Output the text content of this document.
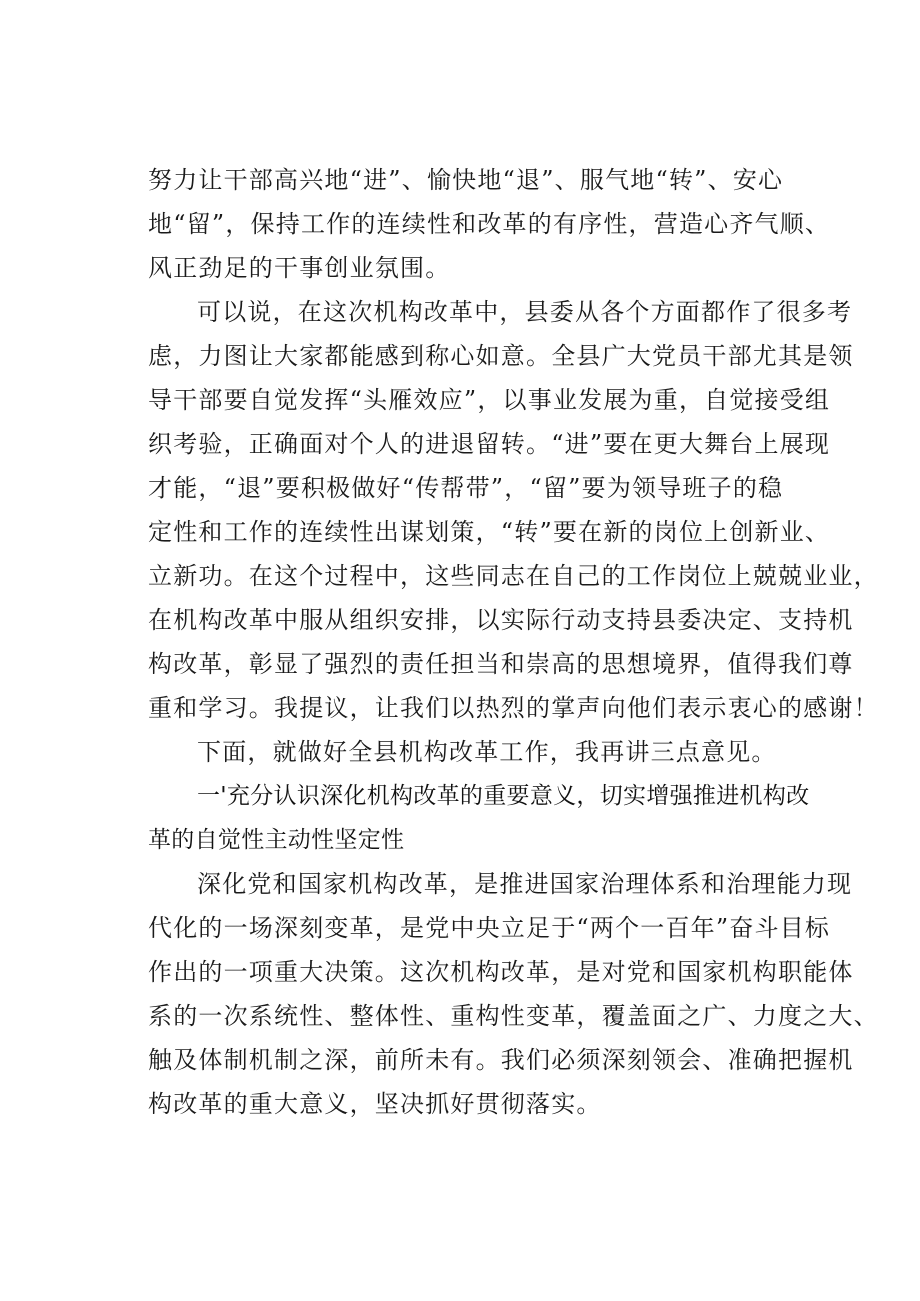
努力让干部高兴地“进”、愉快地“退”、服气地“转”、安心
地“留”，保持工作的连续性和改革的有序性，营造心齐气顺、
风正劲足的干事创业氛围。
可以说，在这次机构改革中，县委从各个方面都作了很多考
虑，力图让大家都能感到称心如意。全县广大党员干部尤其是领
导干部要自觉发挥“头雁效应”，以事业发展为重，自觉接受组
织考验，正确面对个人的进退留转。“进”要在更大舞台上展现
才能，“退”要积极做好“传帮带”，“留”要为领导班子的稳
定性和工作的连续性出谋划策，“转”要在新的岗位上创新业、
立新功。在这个过程中，这些同志在自己的工作岗位上兢兢业业，
在机构改革中服从组织安排，以实际行动支持县委决定、支持机
构改革，彰显了强烈的责任担当和崇高的思想境界，值得我们尊
重和学习。我提议，让我们以热烈的掌声向他们表示衷心的感谢！
下面，就做好全县机构改革工作，我再讲三点意见。
一'充分认识深化机构改革的重要意义，切实增强推进机构改
革的自觉性主动性坚定性
深化党和国家机构改革，是推进国家治理体系和治理能力现
代化的一场深刻变革，是党中央立足于“两个一百年”奋斗目标
作出的一项重大决策。这次机构改革，是对党和国家机构职能体
系的一次系统性、整体性、重构性变革，覆盖面之广、力度之大、
触及体制机制之深，前所未有。我们必须深刻领会、准确把握机
构改革的重大意义，坚决抓好贯彻落实。
